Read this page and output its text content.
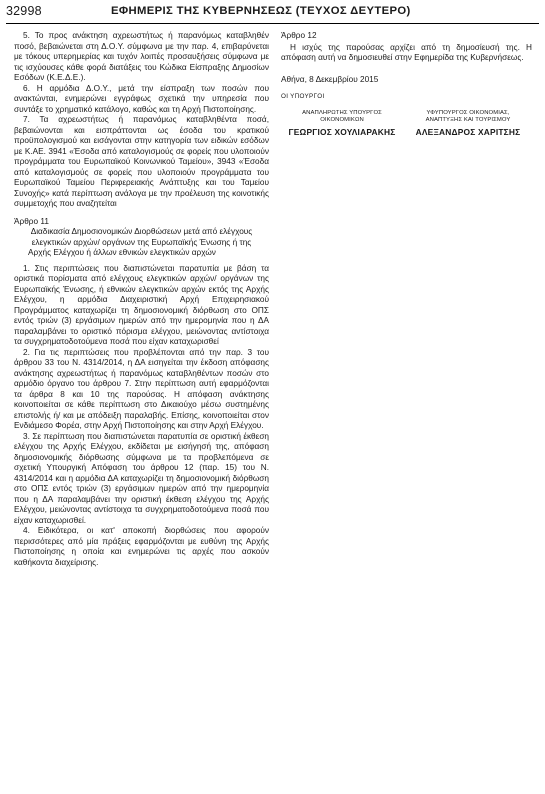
32998	ΕΦΗΜΕΡΙΣ ΤΗΣ ΚΥΒΕΡΝΗΣΕΩΣ (ΤΕΥΧΟΣ ΔΕΥΤΕΡΟ)

5. Το προς ανάκτηση αχρεωστήτως ή παρανόμως καταβληθέν ποσό, βεβαιώνεται στη Δ.Ο.Υ. σύμφωνα με την παρ. 4, επιβαρύνεται με τόκους υπερημερίας και τυχόν λοιπές προσαυξήσεις σύμφωνα με τις ισχύουσες κάθε φορά διατάξεις του Κώδικα Είσπραξης Δημοσίων Εσόδων (Κ.Ε.Δ.Ε.).

6. Η αρμόδια Δ.Ο.Υ., μετά την είσπραξη των ποσών που ανακτώνται, ενημερώνει εγγράφως σχετικά την υπηρεσία που συντάξε το χρηματικό κατάλογο, καθώς και τη Αρχή Πιστοποίησης.

7. Τα αχρεωστήτως ή παρανόμως καταβληθέντα ποσά, βεβαιώνονται και εισπράττονται ως έσοδα του κρατικού προϋπολογισμού και εισάγονται στην κατηγορία των ειδικών εσόδων με Κ.ΑΕ. 3941 «Έσοδα από καταλογισμούς σε φορείς που υλοποιούν προγράμματα του Ευρωπαϊκού Κοινωνικού Ταμείου», 3943 «Έσοδα από καταλογισμούς σε φορείς που υλοποιούν προγράμματα του Ευρωπαϊκού Ταμείου Περιφερειακής Ανάπτυξης και του Ταμείου Συνοχής» κατά περίπτωση ανάλογα με την προέλευση της κοινοτικής συμμετοχής που αναζητείται

Άρθρο 11

Διαδικασία Δημοσιονομικών Διορθώσεων μετά από ελέγχους ελεγκτικών αρχών/ οργάνων της Ευρωπαϊκής Ένωσης ή της Αρχής Ελέγχου ή άλλων εθνικών ελεγκτικών αρχών

1. Στις περιπτώσεις που διαπιστώνεται παρατυπία με βάση τα οριστικά πορίσματα από ελέγχους ελεγκτικών αρχών/ οργάνων της Ευρωπαϊκής Ένωσης, ή εθνικών ελεγκτικών αρχών εκτός της Αρχής Ελέγχου, η αρμόδια Διαχειριστική Αρχή Επιχειρησιακού Προγράμματος καταχωρίζει τη δημοσιονομική διόρθωση στο ΟΠΣ εντός τριών (3) εργάσιμων ημερών από την ημερομηνία που η ΔΑ παραλαμβάνει το οριστικό πόρισμα ελέγχου, μειώνοντας αντίστοιχα τα συγχρηματοδοτούμενα ποσά που είχαν καταχωρισθεί

2. Για τις περιπτώσεις που προβλέπονται από την παρ. 3 του άρθρου 33 του Ν. 4314/2014, η ΔΑ εισηγείται την έκδοση απόφασης ανάκτησης αχρεωστήτως ή παρανόμως καταβληθέντων ποσών στο αρμόδιο όργανο του άρθρου 7. Στην περίπτωση αυτή εφαρμόζονται τα άρθρα 8 και 10 της παρούσας. Η απόφαση ανάκτησης κοινοποιείται σε κάθε περίπτωση στο Δικαιούχο μέσω συστημένης επιστολής ή/ και με απόδειξη παραλαβής. Επίσης, κοινοποιείται στον Ενδιάμεσο Φορέα, στην Αρχή Πιστοποίησης και στην Αρχή Ελέγχου.

3. Σε περίπτωση που διαπιστώνεται παρατυπία σε οριστική έκθεση ελέγχου της Αρχής Ελέγχου, εκδίδεται με εισήγησή της, απόφαση δημοσιονομικής διόρθωσης σύμφωνα με τα προβλεπόμενα σε σχετική Υπουργική Απόφαση του άρθρου 12 (παρ. 15) του Ν. 4314/2014 και η αρμόδια ΔΑ καταχωρίζει τη δημοσιονομική διόρθωση στο ΟΠΣ εντός τριών (3) εργάσιμων ημερών από την ημερομηνία που η ΔΑ παραλαμβάνει την οριστική έκθεση ελέγχου της Αρχής Ελέγχου, μειώνοντας αντίστοιχα τα συγχρηματοδοτούμενα ποσά που είχαν καταχωρισθεί.

4. Ειδικότερα, οι κατ' αποκοπή διορθώσεις που αφορούν περισσότερες από μία πράξεις εφαρμόζονται με ευθύνη της Αρχής Πιστοποίησης η οποία και ενημερώνει τις αρχές που ασκούν καθήκοντα διαχείρισης.

Άρθρο 12

Η ισχύς της παρούσας αρχίζει από τη δημοσίευσή της. Η απόφαση αυτή να δημοσιευθεί στην Εφημερίδα της Κυβερνήσεως.

Αθήνα, 8 Δεκεμβρίου 2015

ΟΙ ΥΠΟΥΡΓΟΙ

ΑΝΑΠΛΗΡΩΤΗΣ ΥΠΟΥΡΓΟΣ
ΟΙΚΟΝΟΜΙΚΩΝ
ΓΕΩΡΓΙΟΣ ΧΟΥΛΙΑΡΑΚΗΣ
ΥΦΥΠΟΥΡΓΟΣ ΟΙΚΟΝΟΜΙΑΣ,
ΑΝΑΠΤΥΞΗΣ ΚΑΙ ΤΟΥΡΙΣΜΟΥ
ΑΛΕΞΑΝΔΡΟΣ ΧΑΡΙΤΣΗΣ
